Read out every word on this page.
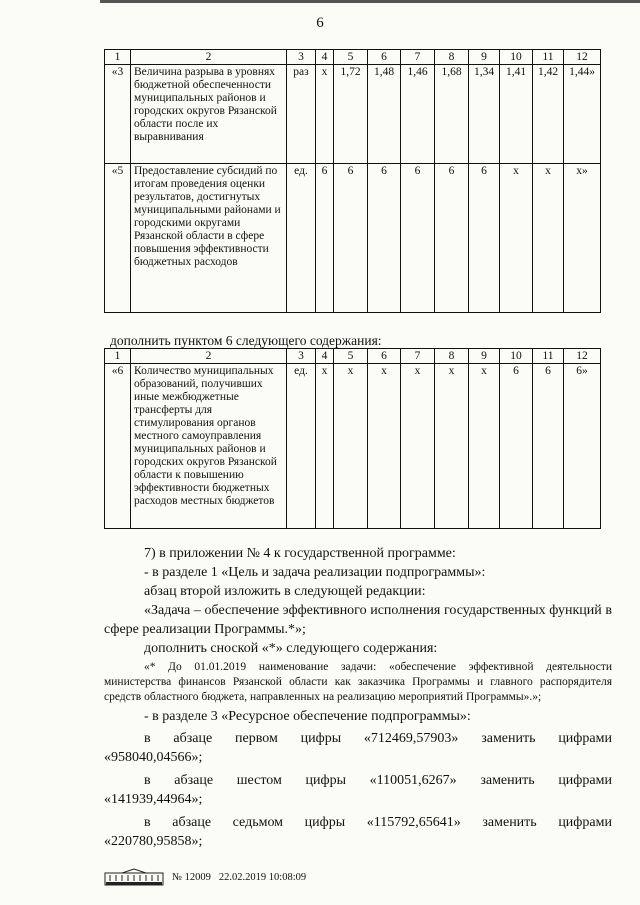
6
1	2	3	4	5	6	7	8	9	10	11	12
«3	Величина разрыва в уровнях бюджетной обеспеченности муниципальных районов и городских округов Рязанской области после их выравнивания	раз	х	1,72	1,48	1,46	1,68	1,34	1,41	1,42	1,44»
«5	Предоставление субсидий по итогам проведения оценки результатов, достигнутых муниципальными районами и городскими округами Рязанской области в сфере повышения эффективности бюджетных расходов	ед.	6	6	6	6	6	6	х	х	х»
дополнить пунктом 6 следующего содержания:
1	2	3	4	5	6	7	8	9	10	11	12
«6	Количество муниципальных образований, получивших иные межбюджетные трансферты для стимулирования органов местного самоуправления муниципальных районов и городских округов Рязанской области к повышению эффективности бюджетных расходов местных бюджетов	ед.	х	х	х	х	х	х	6	6	6»

7) в приложении № 4 к государственной программе:

- в разделе 1 «Цель и задача реализации подпрограммы»:

абзац второй изложить в следующей редакции:

«Задача – обеспечение эффективного исполнения государственных функций в сфере реализации Программы.*»;

дополнить сноской «*» следующего содержания:

«* До 01.01.2019 наименование задачи: «обеспечение эффективной деятельности министерства финансов Рязанской области как заказчика Программы и главного распорядителя средств областного бюджета, направленных на реализацию мероприятий Программы».»;

- в разделе 3 «Ресурсное обеспечение подпрограммы»:

в абзаце первом цифры «712469,57903» заменить цифрами

«958040,04566»;

в абзаце шестом цифры «110051,6267» заменить цифрами

«141939,44964»;

в абзаце седьмом цифры «115792,65641» заменить цифрами

«220780,95858»;

№ 12009 22.02.2019 10:08:09
